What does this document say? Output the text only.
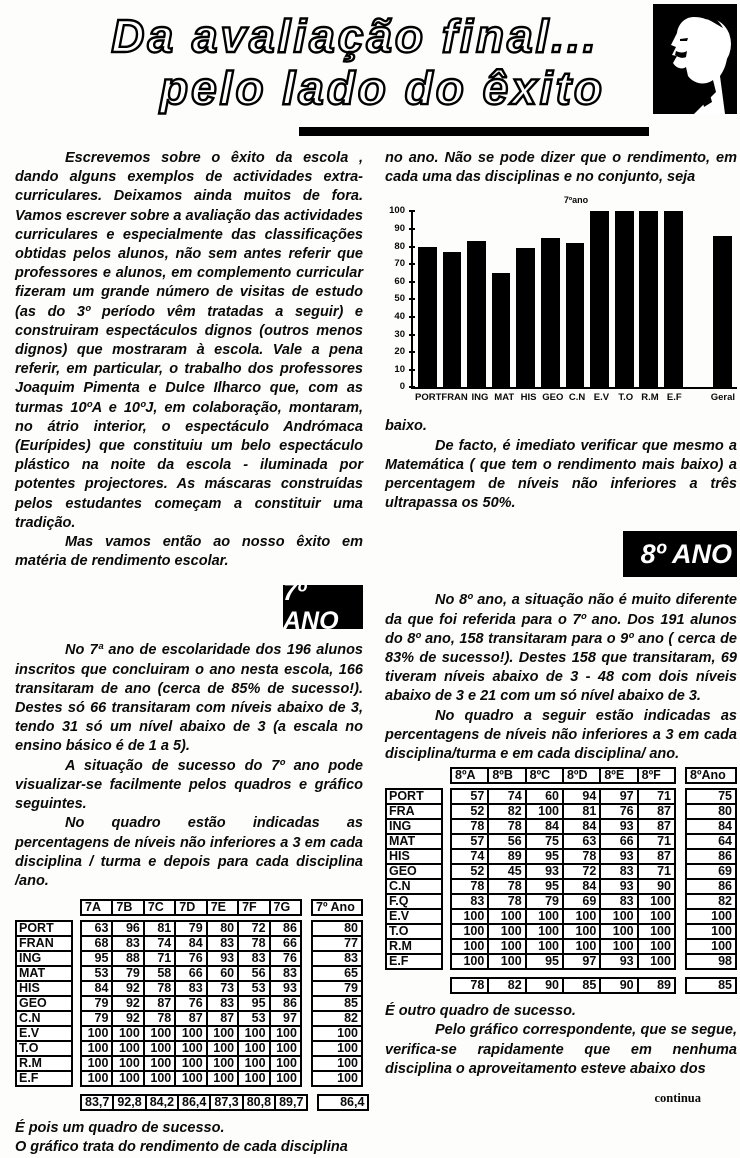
Da avaliação final...
pelo lado do êxito

Escrevemos sobre o êxito da escola , dando alguns exemplos de actividades extra-curriculares. Deixamos ainda muitos de fora. Vamos escrever sobre a avaliação das actividades curriculares e especialmente das classificações obtidas pelos alunos, não sem antes referir que professores e alunos, em complemento curricular fizeram um grande número de visitas de estudo (as do 3º período vêm tratadas a seguir) e construiram espectáculos dignos (outros menos dignos) que mostraram à escola. Vale a pena referir, em particular, o trabalho dos professores Joaquim Pimenta e Dulce Ilharco que, com as turmas 10ºA e 10ºJ, em colaboração, montaram, no átrio interior, o espectáculo Andrómaca (Eurípides) que constituiu um belo espectáculo plástico na noite da escola - iluminada por potentes projectores. As máscaras construídas pelos estudantes começam a constituir uma tradição.

Mas vamos então ao nosso êxito em matéria de rendimento escolar.

7º ANO

No 7ª ano de escolaridade dos 196 alunos inscritos que concluiram o ano nesta escola, 166 transitaram de ano (cerca de 85% de sucesso!). Destes só 66 transitaram com níveis abaixo de 3, tendo 31 só um nível abaixo de 3 (a escala no ensino básico é de 1 a 5).

A situação de sucesso do 7º ano pode visualizar-se facilmente pelos quadros e gráfico seguintes.

No quadro estão indicadas as percentagens de níveis não inferiores a 3 em cada disciplina / turma e depois para cada disciplina /ano.

7A	7B	7C	7D	7E	7F	7G	7º Ano
PORT	63	96	81	79	80	72	86	80
FRAN	68	83	74	84	83	78	66	77
ING	95	88	71	76	93	83	76	83
MAT	53	79	58	66	60	56	83	65
HIS	84	92	78	83	73	53	93	79
GEO	79	92	87	76	83	95	86	85
C.N	79	92	78	87	87	53	97	82
E.V	100 100 100 100 100 100 100	100
T.O	100 100 100 100 100 100 100	100
R.M	100 100 100 100 100 100 100	100
E.F	100 100 100 100 100 100 100	100
83,7 92,8 84,2 86,4 87,3 80,8 89,7	86,4

É pois um quadro de sucesso.

O gráfico trata do rendimento de cada disciplina

no ano. Não se pode dizer que o rendimento, em cada uma das disciplinas e no conjunto, seja

7ºano
0
10
20
30
40
50
60
70
80
90
100
PORT FRAN ING MAT HIS GEO C.N E.V T.O R.M E.F	Geral

baixo.

De facto, é imediato verificar que mesmo a Matemática ( que tem o rendimento mais baixo) a percentagem de níveis não inferiores a três ultrapassa os 50%.

8º ANO

No 8º ano, a situação não é muito diferente da que foi referida para o 7º ano. Dos 191 alunos do 8º ano, 158 transitaram para o 9º ano ( cerca de 83% de sucesso!). Destes 158 que transitaram, 69 tiveram níveis abaixo de 3 - 48 com dois níveis abaixo de 3 e 21 com um só nível abaixo de 3.

No quadro a seguir estão indicadas as percentagens de níveis não inferiores a 3 em cada disciplina/turma e em cada disciplina/ ano.

8ºA	8ºB	8ºC	8ºD	8ºE	8ºF	8ºAno
PORT	57	74	60	94	97	71	75
FRA	52	82	100	81	76	87	80
ING	78	78	84	84	93	87	84
MAT	57	56	75	63	66	71	64
HIS	74	89	95	78	93	87	86
GEO	52	45	93	72	83	71	69
C.N	78	78	95	84	93	90	86
F.Q	83	78	79	69	83	100	82
E.V	100	100	100	100	100	100	100
T.O	100	100	100	100	100	100	100
R.M	100	100	100	100	100	100	100
E.F	100	100	95	97	93	100	98
78	82	90	85	90	89	85

É outro quadro de sucesso.

Pelo gráfico correspondente, que se segue, verifica-se rapidamente que em nenhuma disciplina o aproveitamento esteve abaixo dos

continua
